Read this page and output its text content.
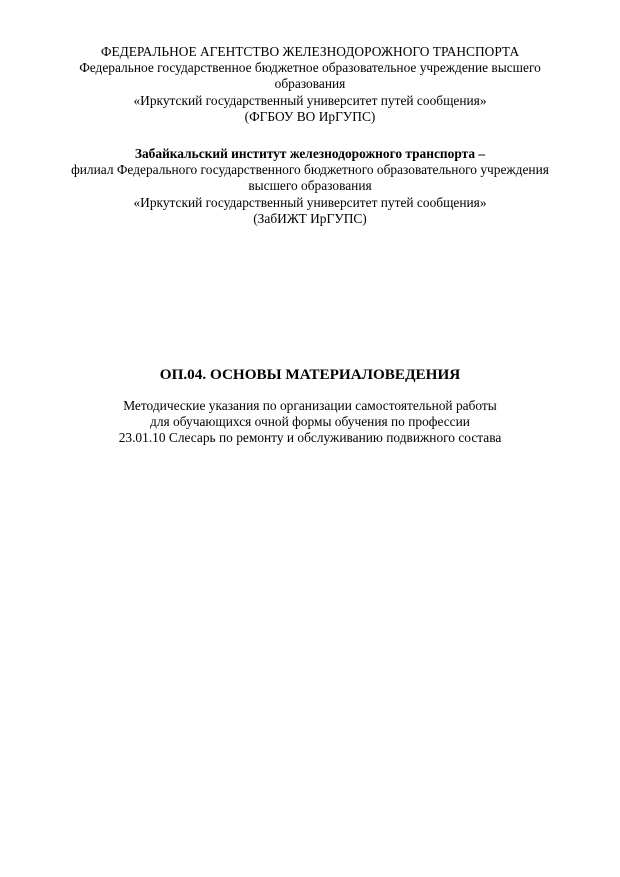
ФЕДЕРАЛЬНОЕ АГЕНТСТВО ЖЕЛЕЗНОДОРОЖНОГО ТРАНСПОРТА
Федеральное государственное бюджетное образовательное учреждение высшего
образования
«Иркутский государственный университет путей сообщения»
(ФГБОУ ВО ИрГУПС)
Забайкальский институт железнодорожного транспорта –
филиал Федерального государственного бюджетного образовательного учреждения
высшего образования
«Иркутский государственный университет путей сообщения»
(ЗабИЖТ ИрГУПС)
ОП.04. ОСНОВЫ МАТЕРИАЛОВЕДЕНИЯ
Методические указания по организации самостоятельной работы
для обучающихся очной формы обучения по профессии
23.01.10 Слесарь по ремонту и обслуживанию подвижного состава
